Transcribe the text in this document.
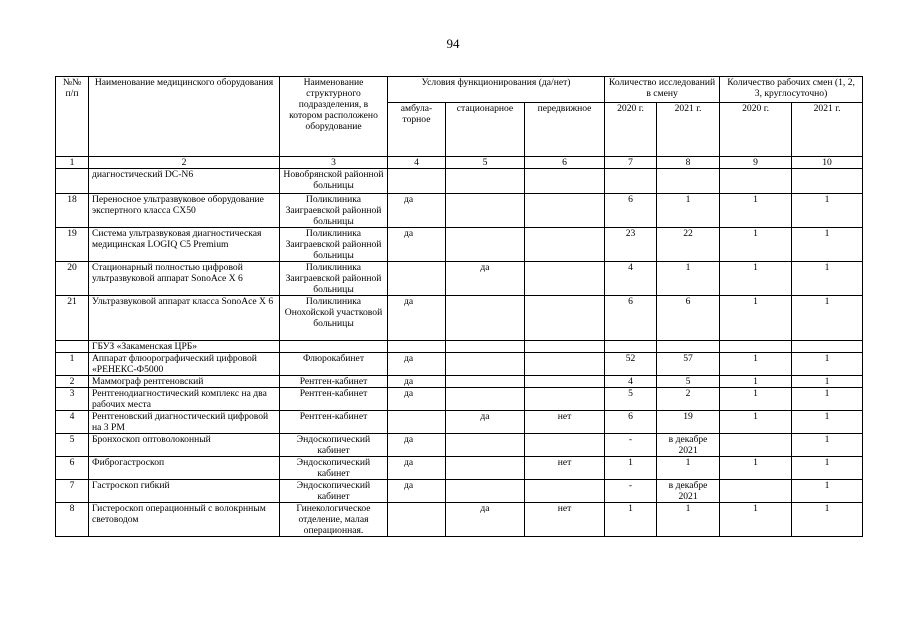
94
№№ п/п	Наименование медицинского оборудования	Наименование структурного подразделения, в котором расположено оборудование	Условия функционирования (да/нет)			Количество исследований в смену		Количество рабочих смен (1, 2, 3, круглосуточно)	
			амбула-торное	стационарное	передвижное	2020 г.	2021 г.	2020 г.	2021 г.
1	2	3	4	5	6	7	8	9	10
	диагностический DC-N6	Новобрянской районной больницы							
18	Переносное ультразвуковое оборудование экспертного класса CX50	Поликлиника Заиграевской районной больницы	да			6	1	1	1
19	Система ультразвуковая диагностическая медицинская LOGIQ C5 Premium	Поликлиника Заиграевской районной больницы	да			23	22	1	1
20	Стационарный полностью цифровой ультразвуковой аппарат SonoAce X 6	Поликлиника Заиграевской районной больницы		да		4	1	1	1
21	Ультразвуковой аппарат класса SonoAce X 6	Поликлиника Онохойской участковой больницы	да			6	6	1	1
	ГБУЗ «Закаменская ЦРБ»								
1	Аппарат флюорографический цифровой «РЕНЕКС-Ф5000	Флюрокабинет	да			52	57	1	1
2	Маммограф рентгеновский	Рентген-кабинет	да			4	5	1	1
3	Рентгенодиагностический комплекс на два рабочих места	Рентген-кабинет	да			5	2	1	1
4	Рентгеновский диагностический цифровой на 3 РМ	Рентген-кабинет		да	нет	6	19	1	1
5	Бронхоскоп оптоволоконный	Эндоскопический кабинет	да			-	в декабре 2021		1
6	Фиброгастроскоп	Эндоскопический кабинет	да		нет	1	1	1	1
7	Гастроскоп гибкий	Эндоскопический кабинет	да			-	в декабре 2021		1
8	Гистероскоп операционный с волокрнным световодом	Гинекологическое отделение, малая операционная.		да	нет	1	1	1	1
